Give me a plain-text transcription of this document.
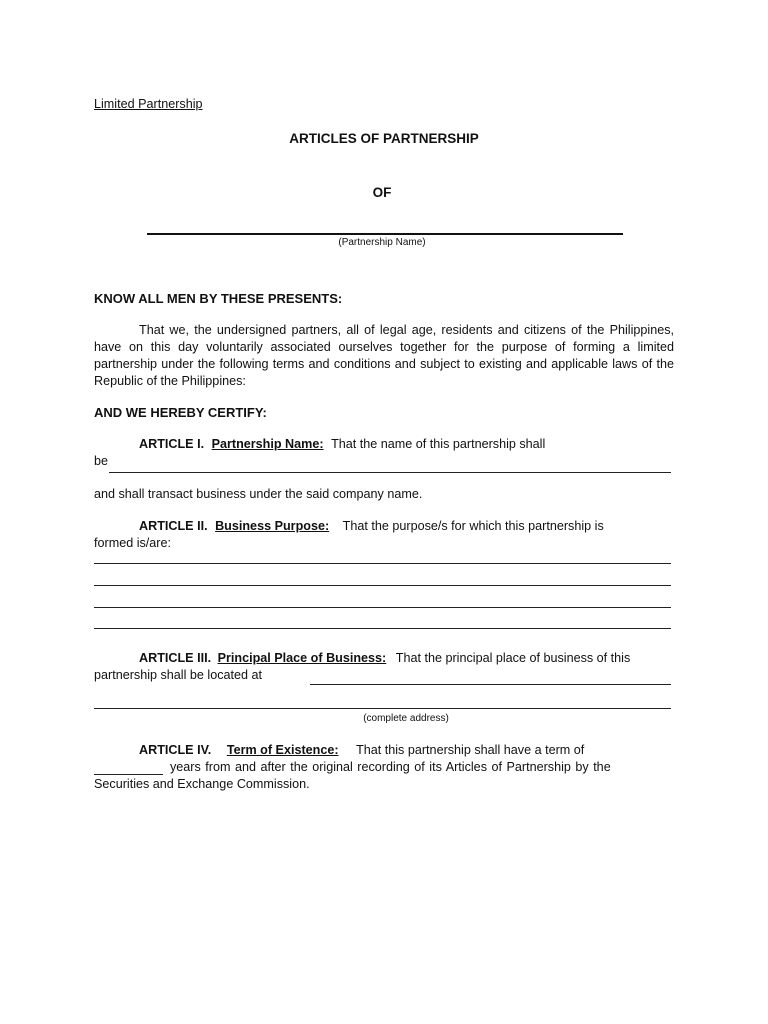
Limited Partnership
ARTICLES OF PARTNERSHIP
OF
(Partnership Name)
KNOW ALL MEN BY THESE PRESENTS:
That we, the undersigned partners, all of legal age, residents and citizens of the Philippines, have on this day voluntarily associated ourselves together for the purpose of forming a limited partnership under the following terms and conditions and subject to existing and applicable laws of the Republic of the Philippines:
AND WE HEREBY CERTIFY:
ARTICLE I. Partnership Name: That the name of this partnership shall
be
and shall transact business under the said company name.
ARTICLE II. Business Purpose: That the purpose/s for which this partnership is
formed is/are:
ARTICLE III. Principal Place of Business: That the principal place of business of this
partnership shall be located at
(complete address)
ARTICLE IV. Term of Existence: That this partnership shall have a term of
years from and after the original recording of its Articles of Partnership by the
Securities and Exchange Commission.
